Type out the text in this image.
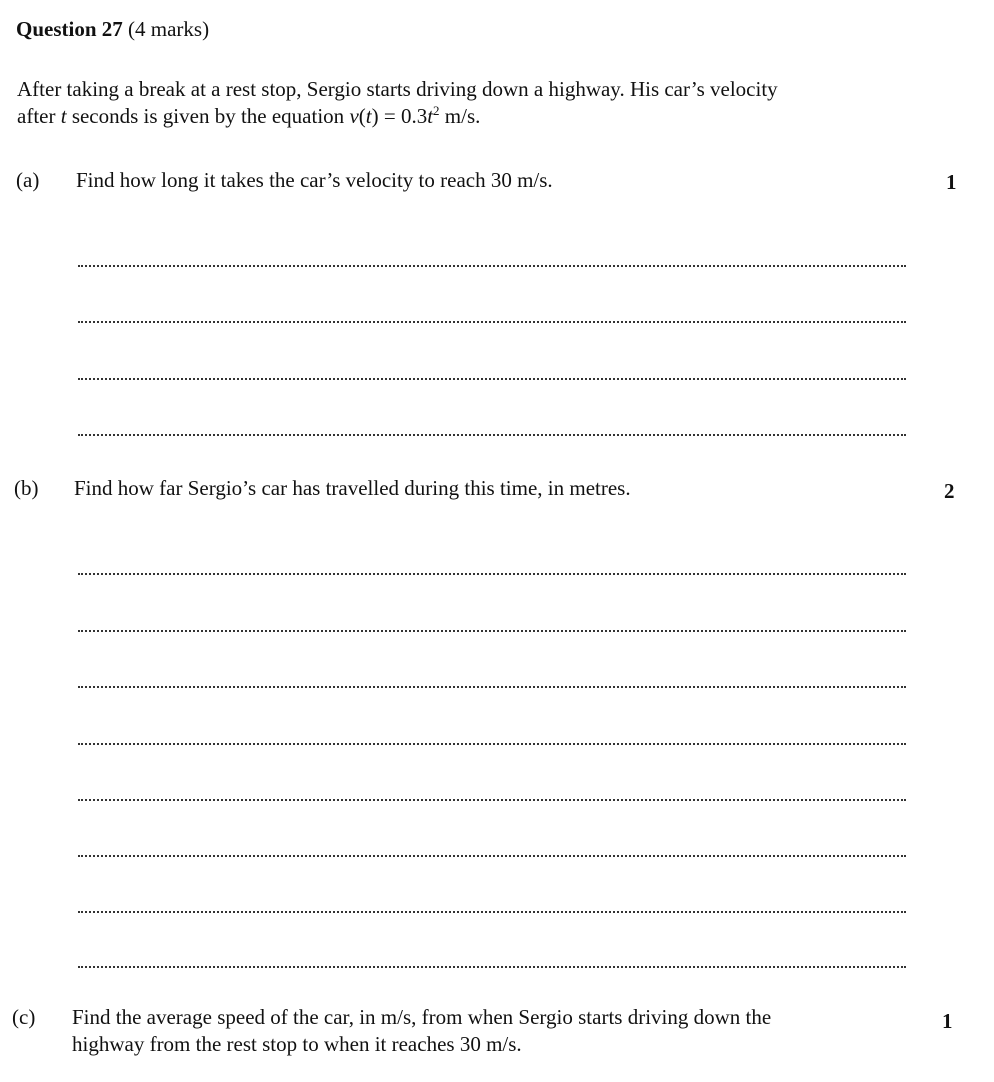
Question 27 (4 marks)
After taking a break at a rest stop, Sergio starts driving down a highway. His car’s velocity
after t seconds is given by the equation $v(t) = 0.3t^2$ m/s.
(a) Find how long it takes the car’s velocity to reach 30 m/s.	1
(b) Find how far Sergio’s car has travelled during this time, in metres.	2
(c) Find the average speed of the car, in m/s, from when Sergio starts driving down the
highway from the rest stop to when it reaches 30 m/s.
1
